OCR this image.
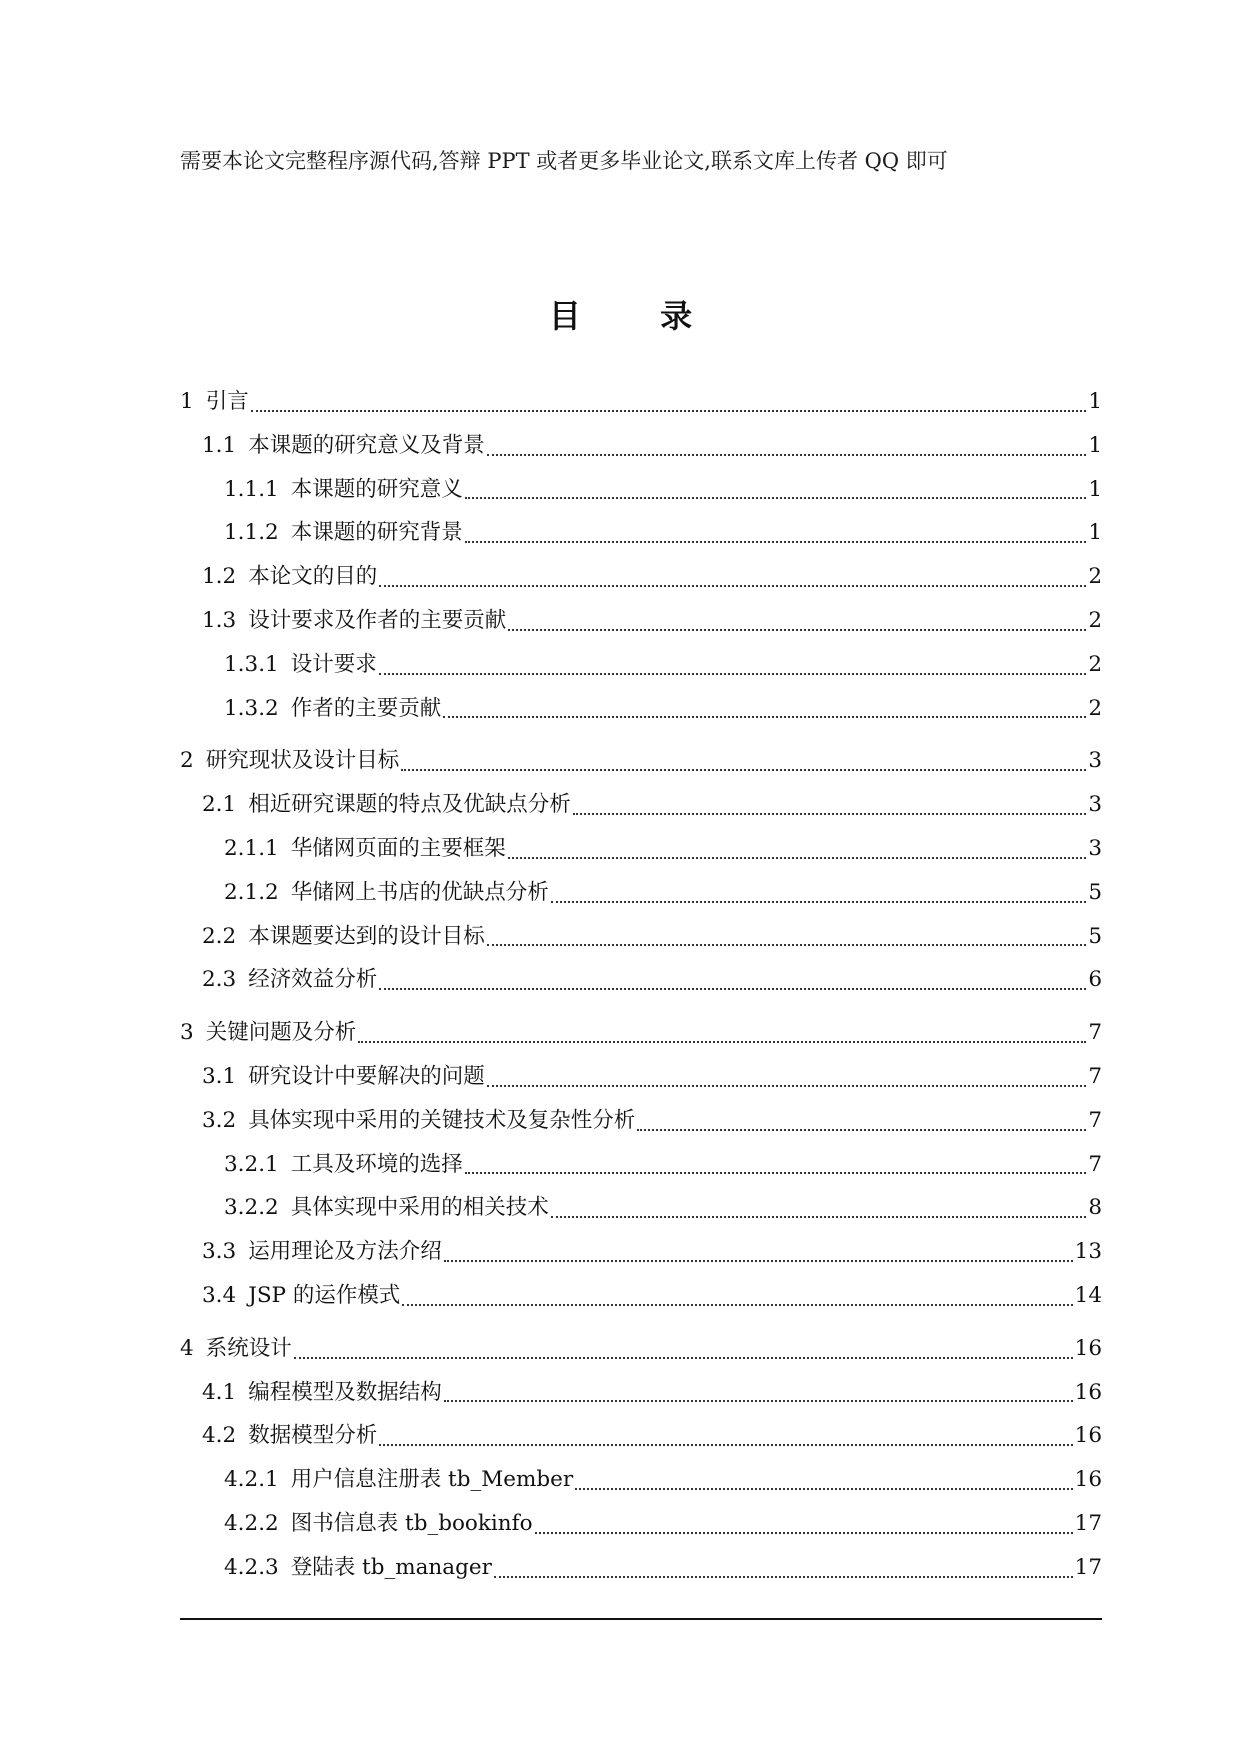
需要本论文完整程序源代码,答辩 PPT 或者更多毕业论文,联系文库上传者 QQ 即可
目 录
1 引言	1
1.1 本课题的研究意义及背景	1
1.1.1 本课题的研究意义	1
1.1.2 本课题的研究背景	1
1.2 本论文的目的	2
1.3 设计要求及作者的主要贡献	2
1.3.1 设计要求	2
1.3.2 作者的主要贡献	2
2 研究现状及设计目标	3
2.1 相近研究课题的特点及优缺点分析	3
2.1.1 华储网页面的主要框架	3
2.1.2 华储网上书店的优缺点分析	5
2.2 本课题要达到的设计目标	5
2.3 经济效益分析	6
3 关键问题及分析	7
3.1 研究设计中要解决的问题	7
3.2 具体实现中采用的关键技术及复杂性分析	7
3.2.1 工具及环境的选择	7
3.2.2 具体实现中采用的相关技术	8
3.3 运用理论及方法介绍	13
3.4 JSP 的运作模式	14
4 系统设计	16
4.1 编程模型及数据结构	16
4.2 数据模型分析	16
4.2.1 用户信息注册表 tb_Member	16
4.2.2 图书信息表 tb_bookinfo	17
4.2.3 登陆表 tb_manager	17
